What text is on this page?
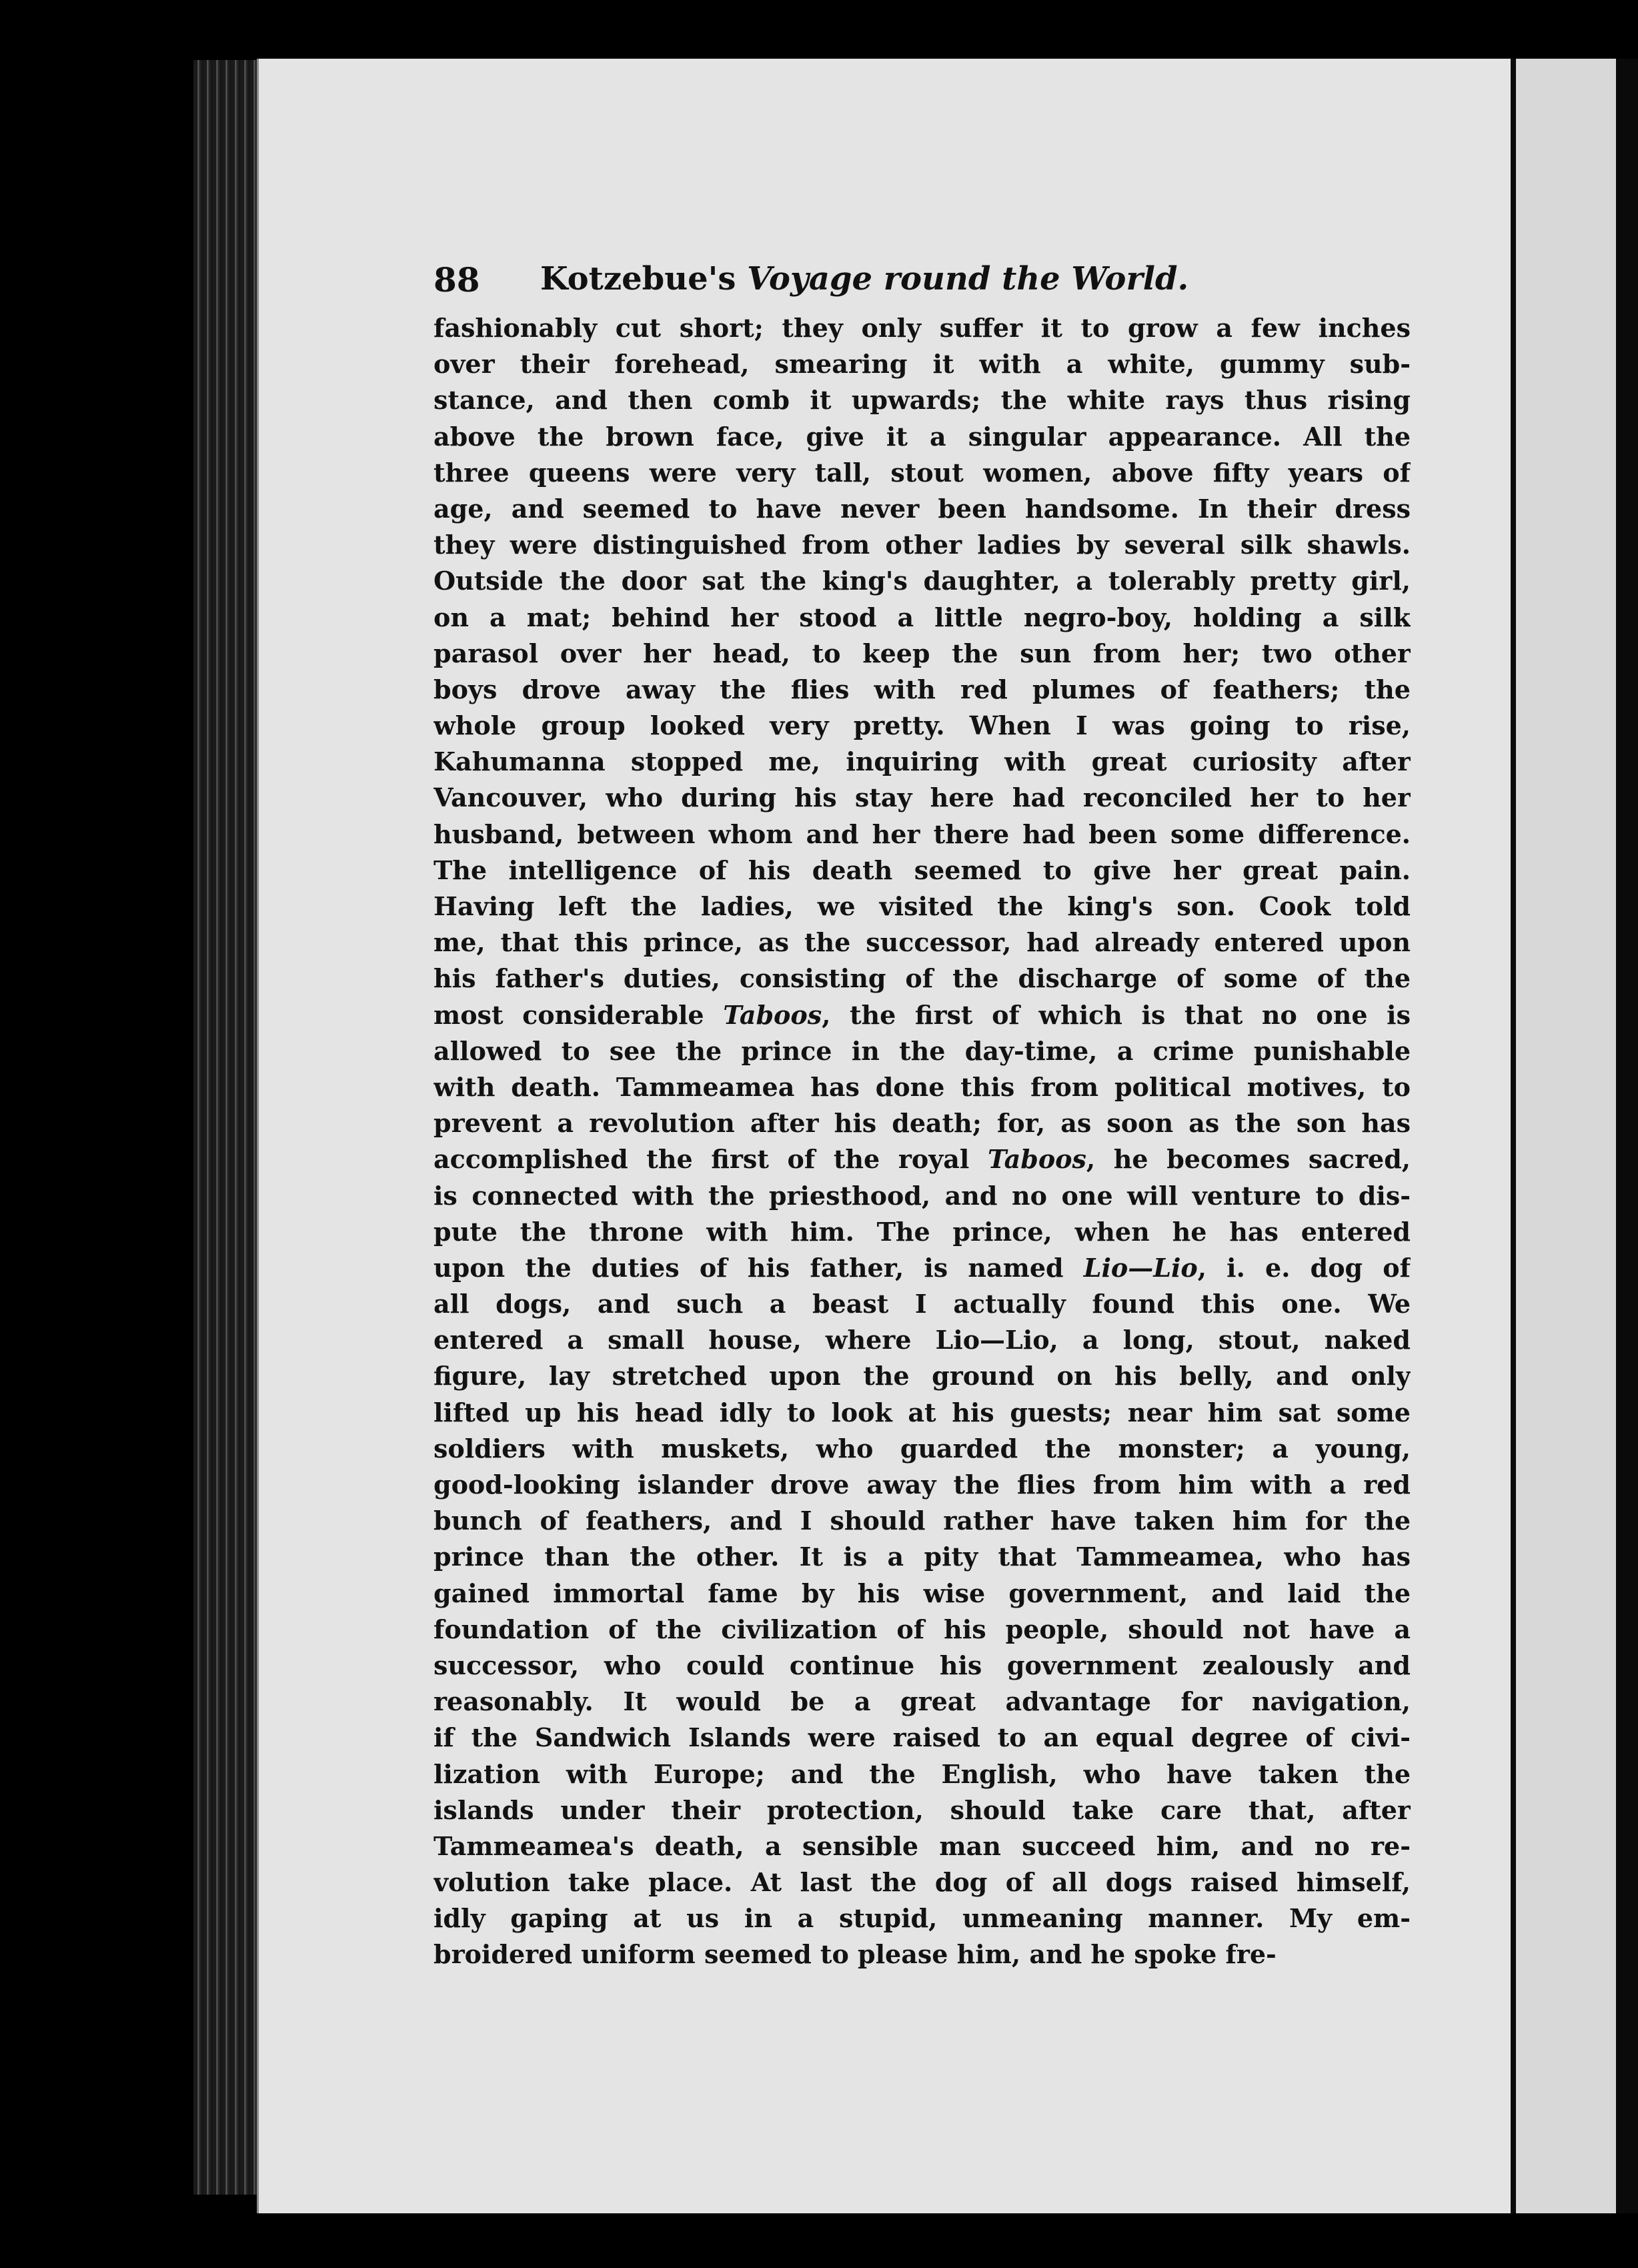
88 Kotzebue's Voyage round the World.
fashionably cut short; they only suffer it to grow a few inches
over their forehead, smearing it with a white, gummy sub-
stance, and then comb it upwards; the white rays thus rising
above the brown face, give it a singular appearance. All the
three queens were very tall, stout women, above fifty years of
age, and seemed to have never been handsome. In their dress
they were distinguished from other ladies by several silk shawls.
Outside the door sat the king's daughter, a tolerably pretty girl,
on a mat; behind her stood a little negro-boy, holding a silk
parasol over her head, to keep the sun from her; two other
boys drove away the flies with red plumes of feathers; the
whole group looked very pretty. When I was going to rise,
Kahumanna stopped me, inquiring with great curiosity after
Vancouver, who during his stay here had reconciled her to her
husband, between whom and her there had been some difference.
The intelligence of his death seemed to give her great pain.
Having left the ladies, we visited the king's son. Cook told
me, that this prince, as the successor, had already entered upon
his father's duties, consisting of the discharge of some of the
most considerable Taboos, the first of which is that no one is
allowed to see the prince in the day-time, a crime punishable
with death. Tammeamea has done this from political motives, to
prevent a revolution after his death; for, as soon as the son has
accomplished the first of the royal Taboos, he becomes sacred,
is connected with the priesthood, and no one will venture to dis-
pute the throne with him. The prince, when he has entered
upon the duties of his father, is named Lio—Lio, i. e. dog of
all dogs, and such a beast I actually found this one. We
entered a small house, where Lio—Lio, a long, stout, naked
figure, lay stretched upon the ground on his belly, and only
lifted up his head idly to look at his guests; near him sat some
soldiers with muskets, who guarded the monster; a young,
good-looking islander drove away the flies from him with a red
bunch of feathers, and I should rather have taken him for the
prince than the other. It is a pity that Tammeamea, who has
gained immortal fame by his wise government, and laid the
foundation of the civilization of his people, should not have a
successor, who could continue his government zealously and
reasonably. It would be a great advantage for navigation,
if the Sandwich Islands were raised to an equal degree of civi-
lization with Europe; and the English, who have taken the
islands under their protection, should take care that, after
Tammeamea's death, a sensible man succeed him, and no re-
volution take place. At last the dog of all dogs raised himself,
idly gaping at us in a stupid, unmeaning manner. My em-
broidered uniform seemed to please him, and he spoke fre-
